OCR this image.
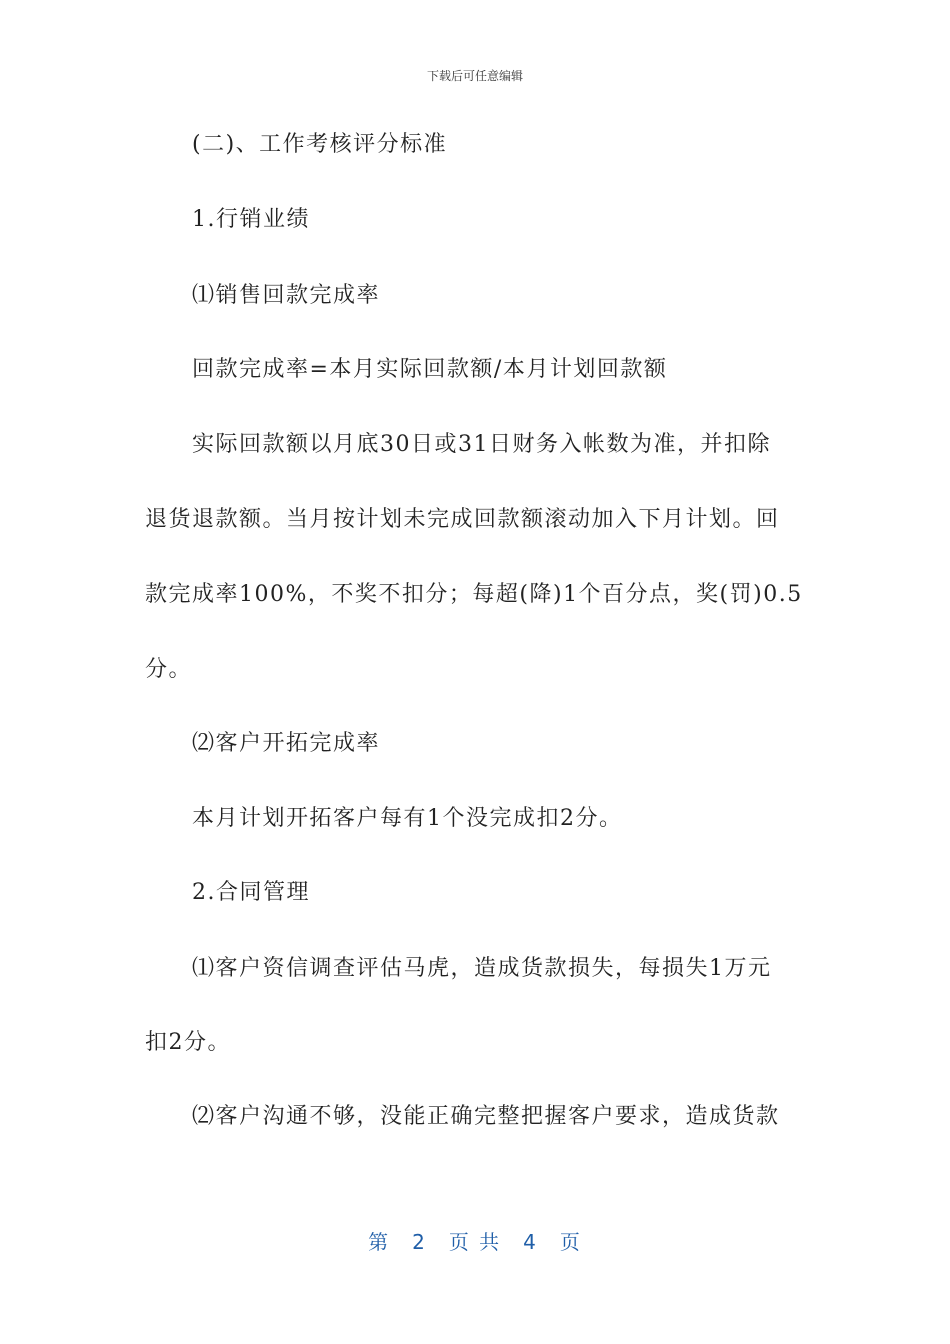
下载后可任意编辑
(二)、工作考核评分标准
1.行销业绩
⑴销售回款完成率
回款完成率=本月实际回款额/本月计划回款额
实际回款额以月底30日或31日财务入帐数为准，并扣除
退货退款额。当月按计划未完成回款额滚动加入下月计划。回
款完成率100%，不奖不扣分；每超(降)1个百分点，奖(罚)0.5
分。
⑵客户开拓完成率
本月计划开拓客户每有1个没完成扣2分。
2.合同管理
⑴客户资信调查评估马虎，造成货款损失，每损失1万元
扣2分。
⑵客户沟通不够，没能正确完整把握客户要求，造成货款
第 2 页 共 4 页
